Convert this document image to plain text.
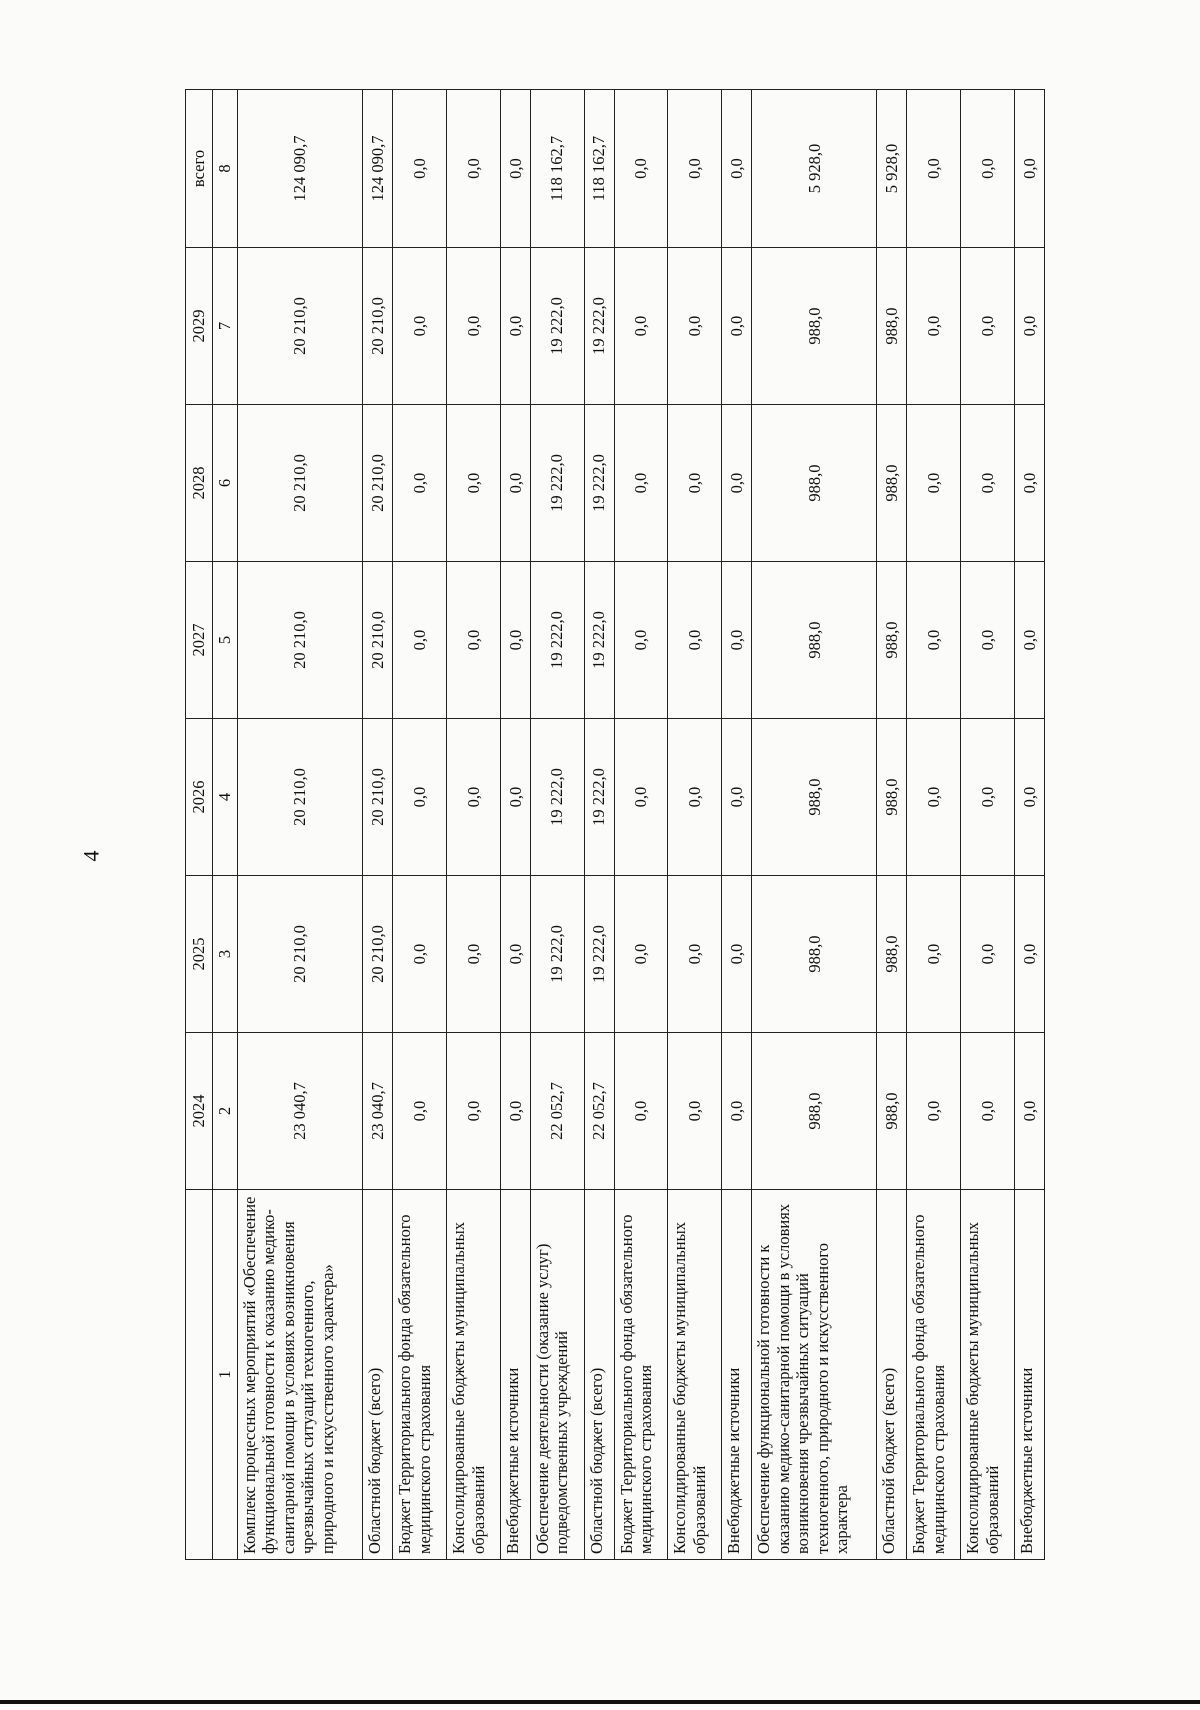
4
	2024	2025	2026	2027	2028	2029	всего
1	2	3	4	5	6	7	8
Комплекс процессных мероприятий «Обеспечение функциональной готовности к оказанию медико-санитарной помощи в условиях возникновения чрезвычайных ситуаций техногенного, природного и искусственного характера»	23 040,7	20 210,0	20 210,0	20 210,0	20 210,0	20 210,0	124 090,7
Областной бюджет (всего)	23 040,7	20 210,0	20 210,0	20 210,0	20 210,0	20 210,0	124 090,7
Бюджет Территориального фонда обязательного медицинского страхования	0,0	0,0	0,0	0,0	0,0	0,0	0,0
Консолидированные бюджеты муниципальных образований	0,0	0,0	0,0	0,0	0,0	0,0	0,0
Внебюджетные источники	0,0	0,0	0,0	0,0	0,0	0,0	0,0
Обеспечение деятельности (оказание услуг) подведомственных учреждений	22 052,7	19 222,0	19 222,0	19 222,0	19 222,0	19 222,0	118 162,7
Областной бюджет (всего)	22 052,7	19 222,0	19 222,0	19 222,0	19 222,0	19 222,0	118 162,7
Бюджет Территориального фонда обязательного медицинского страхования	0,0	0,0	0,0	0,0	0,0	0,0	0,0
Консолидированные бюджеты муниципальных образований	0,0	0,0	0,0	0,0	0,0	0,0	0,0
Внебюджетные источники	0,0	0,0	0,0	0,0	0,0	0,0	0,0
Обеспечение функциональной готовности к оказанию медико-санитарной помощи в условиях возникновения чрезвычайных ситуаций техногенного, природного и искусственного характера	988,0	988,0	988,0	988,0	988,0	988,0	5 928,0
Областной бюджет (всего)	988,0	988,0	988,0	988,0	988,0	988,0	5 928,0
Бюджет Территориального фонда обязательного медицинского страхования	0,0	0,0	0,0	0,0	0,0	0,0	0,0
Консолидированные бюджеты муниципальных образований	0,0	0,0	0,0	0,0	0,0	0,0	0,0
Внебюджетные источники	0,0	0,0	0,0	0,0	0,0	0,0	0,0
